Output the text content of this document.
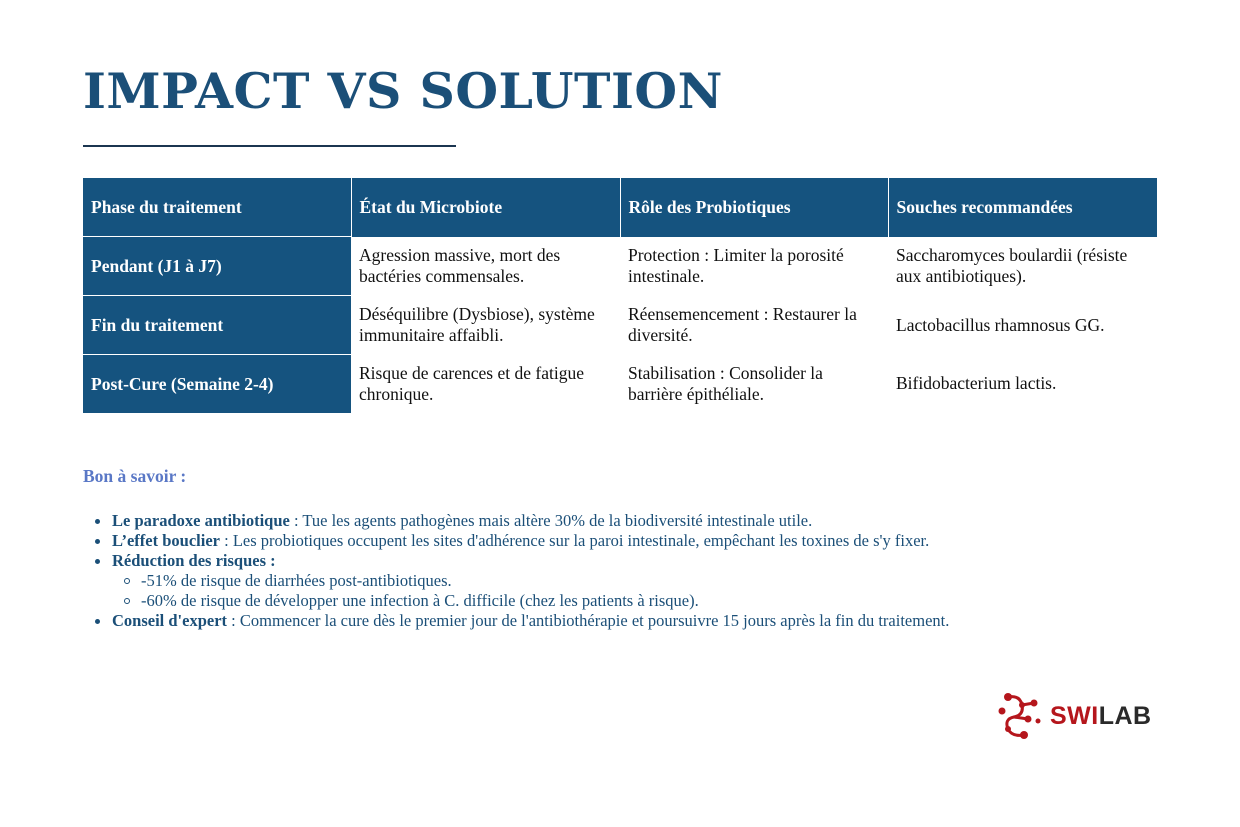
IMPACT VS SOLUTION
Phase du traitement	État du Microbiote	Rôle des Probiotiques	Souches recommandées
Pendant (J1 à J7)	Agression massive, mort des bactéries commensales.	Protection : Limiter la porosité intestinale.	Saccharomyces boulardii (résiste aux antibiotiques).
Fin du traitement	Déséquilibre (Dysbiose), système immunitaire affaibli.	Réensemencement : Restaurer la diversité.	Lactobacillus rhamnosus GG.
Post-Cure (Semaine 2-4)	Risque de carences et de fatigue chronique.	Stabilisation : Consolider la barrière épithéliale.	Bifidobacterium lactis.
Bon à savoir :
Le paradoxe antibiotique : Tue les agents pathogènes mais altère 30% de la biodiversité intestinale utile.
L’effet bouclier : Les probiotiques occupent les sites d'adhérence sur la paroi intestinale, empêchant les toxines de s'y fixer.
Réduction des risques :
-51% de risque de diarrhées post-antibiotiques.
-60% de risque de développer une infection à C. difficile (chez les patients à risque).
Conseil d'expert : Commencer la cure dès le premier jour de l'antibiothérapie et poursuivre 15 jours après la fin du traitement.
SWILAB
